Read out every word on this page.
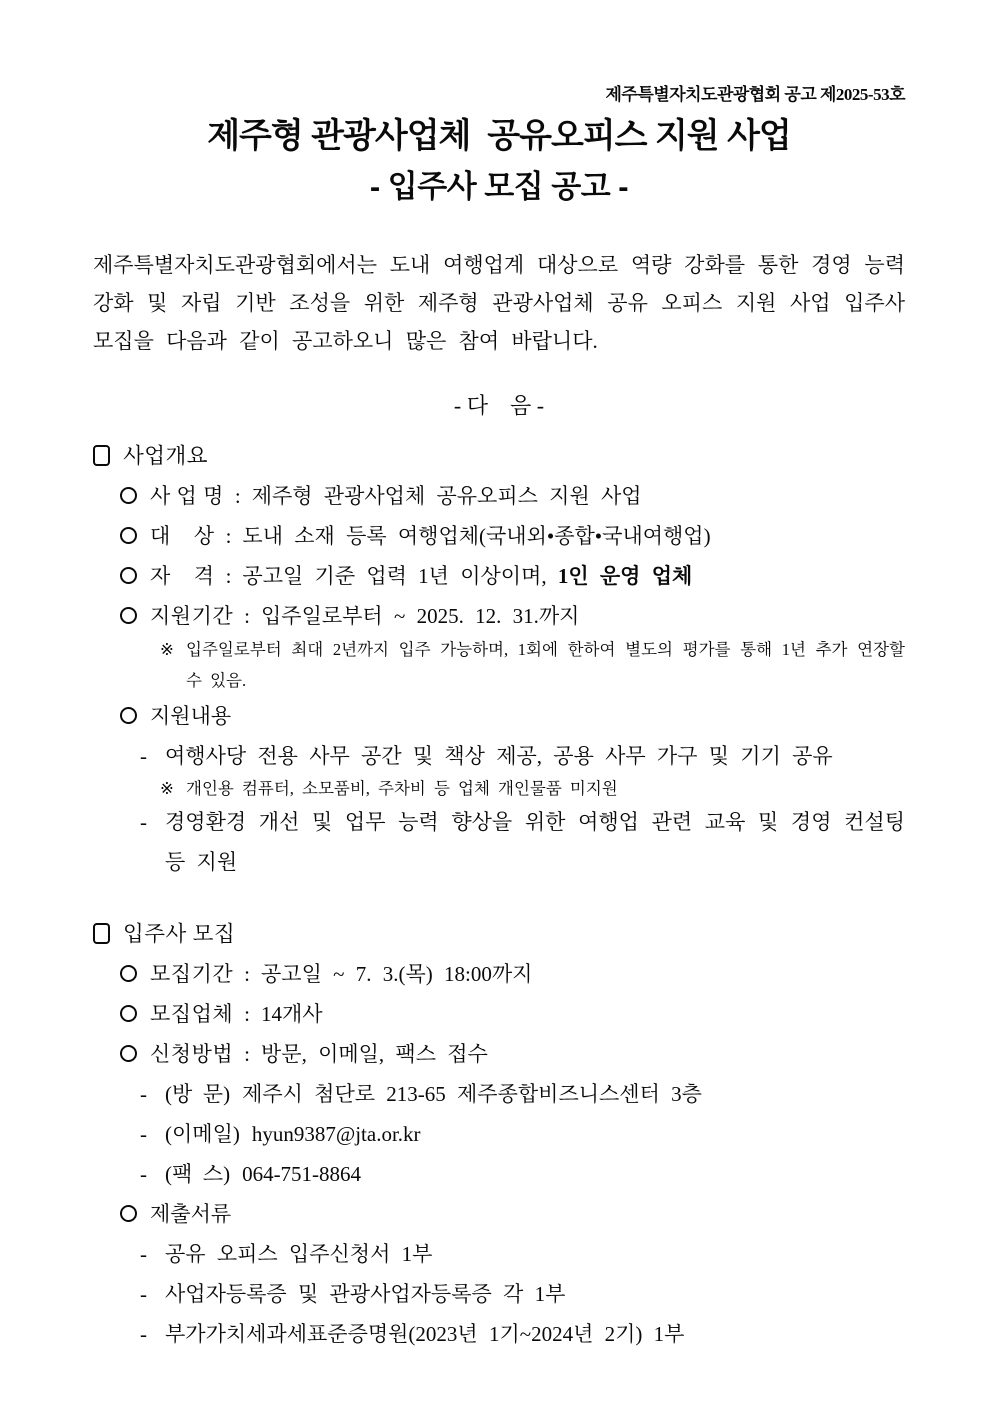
제주특별자치도관광협회 공고 제2025-53호
제주형 관광사업체  공유오피스 지원 사업
- 입주사 모집 공고 -

제주특별자치도관광협회에서는 도내 여행업계 대상으로 역량 강화를 통한 경영 능력 강화 및 자립 기반 조성을 위한 제주형 관광사업체 공유 오피스 지원 사업 입주사 모집을 다음과 같이 공고하오니 많은 참여 바랍니다.

- 다    음 -
사업개요
사 업 명 : 제주형 관광사업체 공유오피스 지원 사업
대    상 : 도내 소재 등록 여행업체(국내외•종합•국내여행업)
자    격 : 공고일 기준 업력 1년 이상이며, 1인 운영 업체
지원기간 : 입주일로부터 ~ 2025. 12. 31.까지
※ 입주일로부터 최대 2년까지 입주 가능하며, 1회에 한하여 별도의 평가를 통해 1년 추가 연장할 수 있음.
지원내용
- 여행사당 전용 사무 공간 및 책상 제공, 공용 사무 가구 및 기기 공유
※ 개인용 컴퓨터, 소모품비, 주차비 등 업체 개인물품 미지원
- 경영환경 개선 및 업무 능력 향상을 위한 여행업 관련 교육 및 경영 컨설팅 등 지원
입주사 모집
모집기간 : 공고일 ~ 7. 3.(목) 18:00까지
모집업체 : 14개사
신청방법 : 방문, 이메일, 팩스 접수
- (방  문) 제주시 첨단로 213-65 제주종합비즈니스센터 3층
- (이메일) hyun9387@jta.or.kr
- (팩  스) 064-751-8864
제출서류
- 공유 오피스 입주신청서 1부
- 사업자등록증 및 관광사업자등록증 각 1부
- 부가가치세과세표준증명원(2023년 1기~2024년 2기) 1부
